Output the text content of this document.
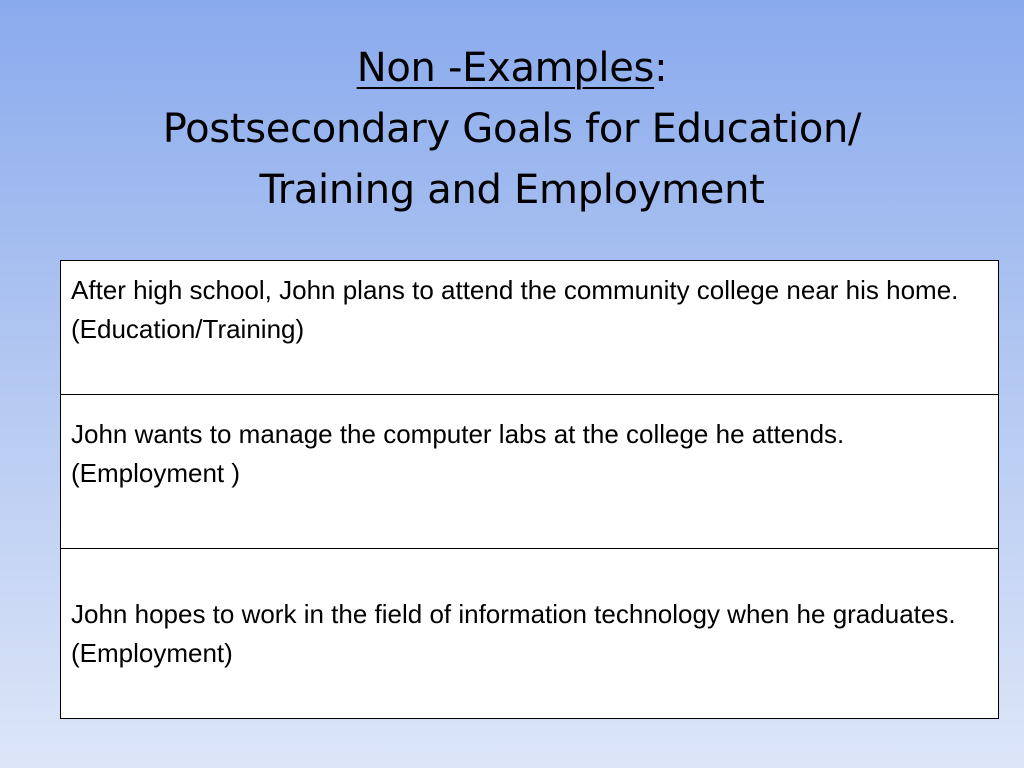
Non -Examples:
Postsecondary Goals for Education/
Training and Employment
After high school, John plans to attend the community college near his home. (Education/Training)
John wants to manage the computer labs at the college he attends. (Employment )
John hopes to work in the field of information technology when he graduates. (Employment)
